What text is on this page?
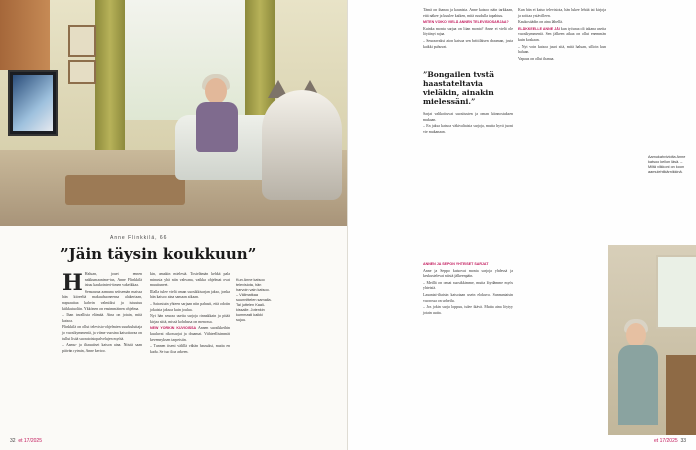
Anne Flinkkilä, 66
”Jäin täysin koukkuun”

H Haluan, jouet ennen nakkumaanime-tus, Anne Flinkkilä istuu kaukointeri-timen vakeikkaa.

Sensaaraa aamuna seitsemän maissa hän kiireeltä makuuhuoneensa alakertaan, napsauttaa kahvin valmiiksi ja istuutuu kiikkutuoliin. Ykkönen on ensimmäinen ohjelma.

– Ihan tavallista elämää. Aina on jotain, mitä katsoa.

Flinkkilä on ollut televisio-ohjelmien suurkuluttaja jo vuosikymmeniä, ja viime vuosina katsottavaa on tullut lisää suoratoistopalvelujen myötä.

– Aamu- ja iltauutiset katson aina. Niistä saan päivän rytmin, Anne kertoo.

kin, amakin mielestä. Tosielämän kehkä pala minusta yhä niin vahvana, vaikka ohjelmat ovat muuttuneet.

Illalla tulee vielä oman suosikkisarjan jakso, jonka hän katsoo aina samaan aikaan.

– Sairastuin yhteen sarjaan niin pahasti, että odotin jokaista jaksoa kuin joulua.

Nyt hän seuraa useita sarjoja rinnakkain ja pitää kirjaa siitä, missä kohdassa on menossa.

NEW YORKIN KUVIOISSA Annen suosikkeihin kuuluvat rikossarjat ja draamat. Viihteellisimmät kevennyksen tarpeisiin.

– Tunnen itseni välillä vähän hassuksi, mutta en kadu. Se tuo iloa arkeen.

Kun Anne katsoo televisiota, hän harvoin vain katsoo. – Välimatkaa suunnittelen samalla. Tai juttelen Kaali-kissalle. Jotenkin kummasti kaikki sujuu.
32 et 17/2025

Tämä on ihanaa ja kaunista. Anne katsoo näin tarkkaan, että näkee ja kuulee kaiken, mitä ruudulla tapahtuu.

MITEN VOIKO VIELÄ ANNEN TELEVISIOSARJAA?

Kuinka monta sarjaa on liian monta? Anne ei vielä ole löytänyt rajaa.

– Seuraavaksi aion katsoa sen brittiläisen draaman, josta kaikki puhuvat.

”Bongailen tvstä haastateltavia vieläkin, ainakin mielessäni.”

Sarjat valikoituvat suositusten ja oman kiinnostuksen mukaan.

– En jaksa katsoa väkivaltaisia sarjoja, mutta hyvä juoni vie mukanaan.

ANNEN JA SEPON YHTEISET SARJAT

Anne ja Seppo katsovat monia sarjoja yhdessä ja keskustelevat niistä jälkeenpäin.

– Meillä on omat suosikkimme, mutta löydämme myös yhteisiä.

Lauantai-iltaisin katsotaan usein elokuva. Sunnuntaisin vuorossa on urheilu.

– Jos jokin sarja loppuu, tulee ikävä. Mutta aina löytyy jotain uutta.

Kun hän ei katso televisiota, hän lukee lehtiä tai kirjoja ja soittaa ystävilleen.

Kaukosäädin on aina lähellä.

ELÄKKEELLE ANNE JÄI kun työuraa oli takana useita vuosikymmeniä. Sen jälkeen aikaa on ollut enemmän kuin koskaan.

– Nyt voin katsoa juuri sitä, mitä haluan, silloin kun haluan.

Vapaus on ollut ihanaa.

Aamukahviviolta Anne katsoo kellon läsä. – Miltä viikkoni on koon aamulehtikärnikkinä.
et 17/2025 33
